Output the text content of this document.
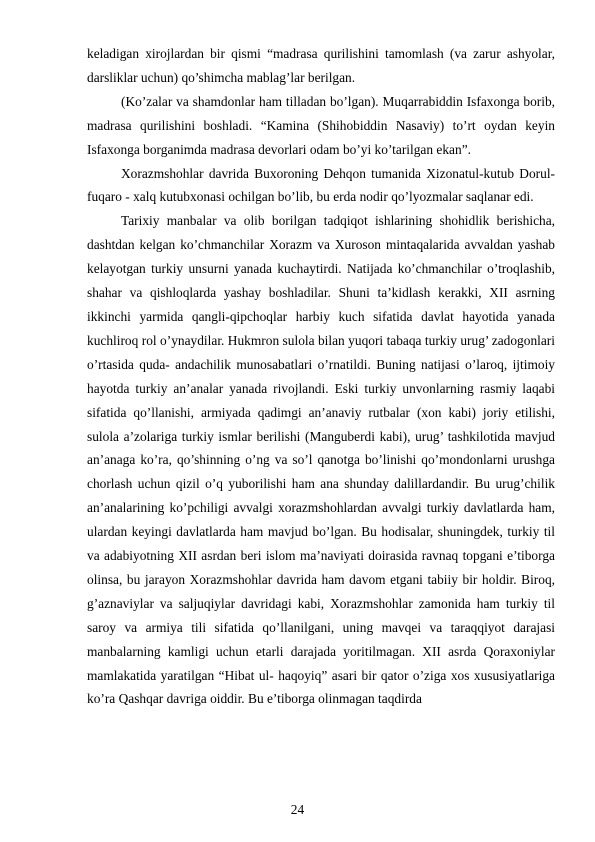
keladigan xirojlardan bir qismi “madrasa qurilishini tamomlash (va zarur ashyolar, darsliklar uchun) qo’shimcha mablag’lar berilgan.

(Ko’zalar va shamdonlar ham tilladan bo’lgan). Muqarrabiddin Isfaxonga borib, madrasa qurilishini boshladi. “Kamina (Shihobiddin Nasaviy) to’rt oydan keyin Isfaxonga borganimda madrasa devorlari odam bo’yi ko’tarilgan ekan”.

Xorazmshohlar davrida Buxoroning Dehqon tumanida Xizonatul-kutub Dorul-fuqaro - xalq kutubxonasi ochilgan bo’lib, bu erda nodir qo’lyozmalar saqlanar edi.

Tarixiy manbalar va olib borilgan tadqiqot ishlarining shohidlik berishicha, dashtdan kelgan ko’chmanchilar Xorazm va Xuroson mintaqalarida avvaldan yashab kelayotgan turkiy unsurni yanada kuchaytirdi. Natijada ko’chmanchilar o’troqlashib, shahar va qishloqlarda yashay boshladilar. Shuni ta’kidlash kerakki, XII asrning ikkinchi yarmida qangli-qipchoqlar harbiy kuch sifatida davlat hayotida yanada kuchliroq rol o’ynaydilar. Hukmron sulola bilan yuqori tabaqa turkiy urug’ zadogonlari o’rtasida quda- andachilik munosabatlari o’rnatildi. Buning natijasi o’laroq, ijtimoiy hayotda turkiy an’analar yanada rivojlandi. Eski turkiy unvonlarning rasmiy laqabi sifatida qo’llanishi, armiyada qadimgi an’anaviy rutbalar (xon kabi) joriy etilishi, sulola a’zolariga turkiy ismlar berilishi (Manguberdi kabi), urug’ tashkilotida mavjud an’anaga ko’ra, qo’shinning o’ng va so’l qanotga bo’linishi qo’mondonlarni urushga chorlash uchun qizil o’q yuborilishi ham ana shunday dalillardandir. Bu urug’chilik an’analarining ko’pchiligi avvalgi xorazmshohlardan avvalgi turkiy davlatlarda ham, ulardan keyingi davlatlarda ham mavjud bo’lgan. Bu hodisalar, shuningdek, turkiy til va adabiyotning XII asrdan beri islom ma’naviyati doirasida ravnaq topgani e’tiborga olinsa, bu jarayon Xorazmshohlar davrida ham davom etgani tabiiy bir holdir. Biroq, g’aznaviylar va saljuqiylar davridagi kabi, Xorazmshohlar zamonida ham turkiy til saroy va armiya tili sifatida qo’llanilgani, uning mavqei va taraqqiyot darajasi manbalarning kamligi uchun etarli darajada yoritilmagan. XII asrda Qoraxoniylar mamlakatida yaratilgan “Hibat ul- haqoyiq” asari bir qator o’ziga xos xususiyatlariga ko’ra Qashqar davriga oiddir. Bu e’tiborga olinmagan taqdirda

24
